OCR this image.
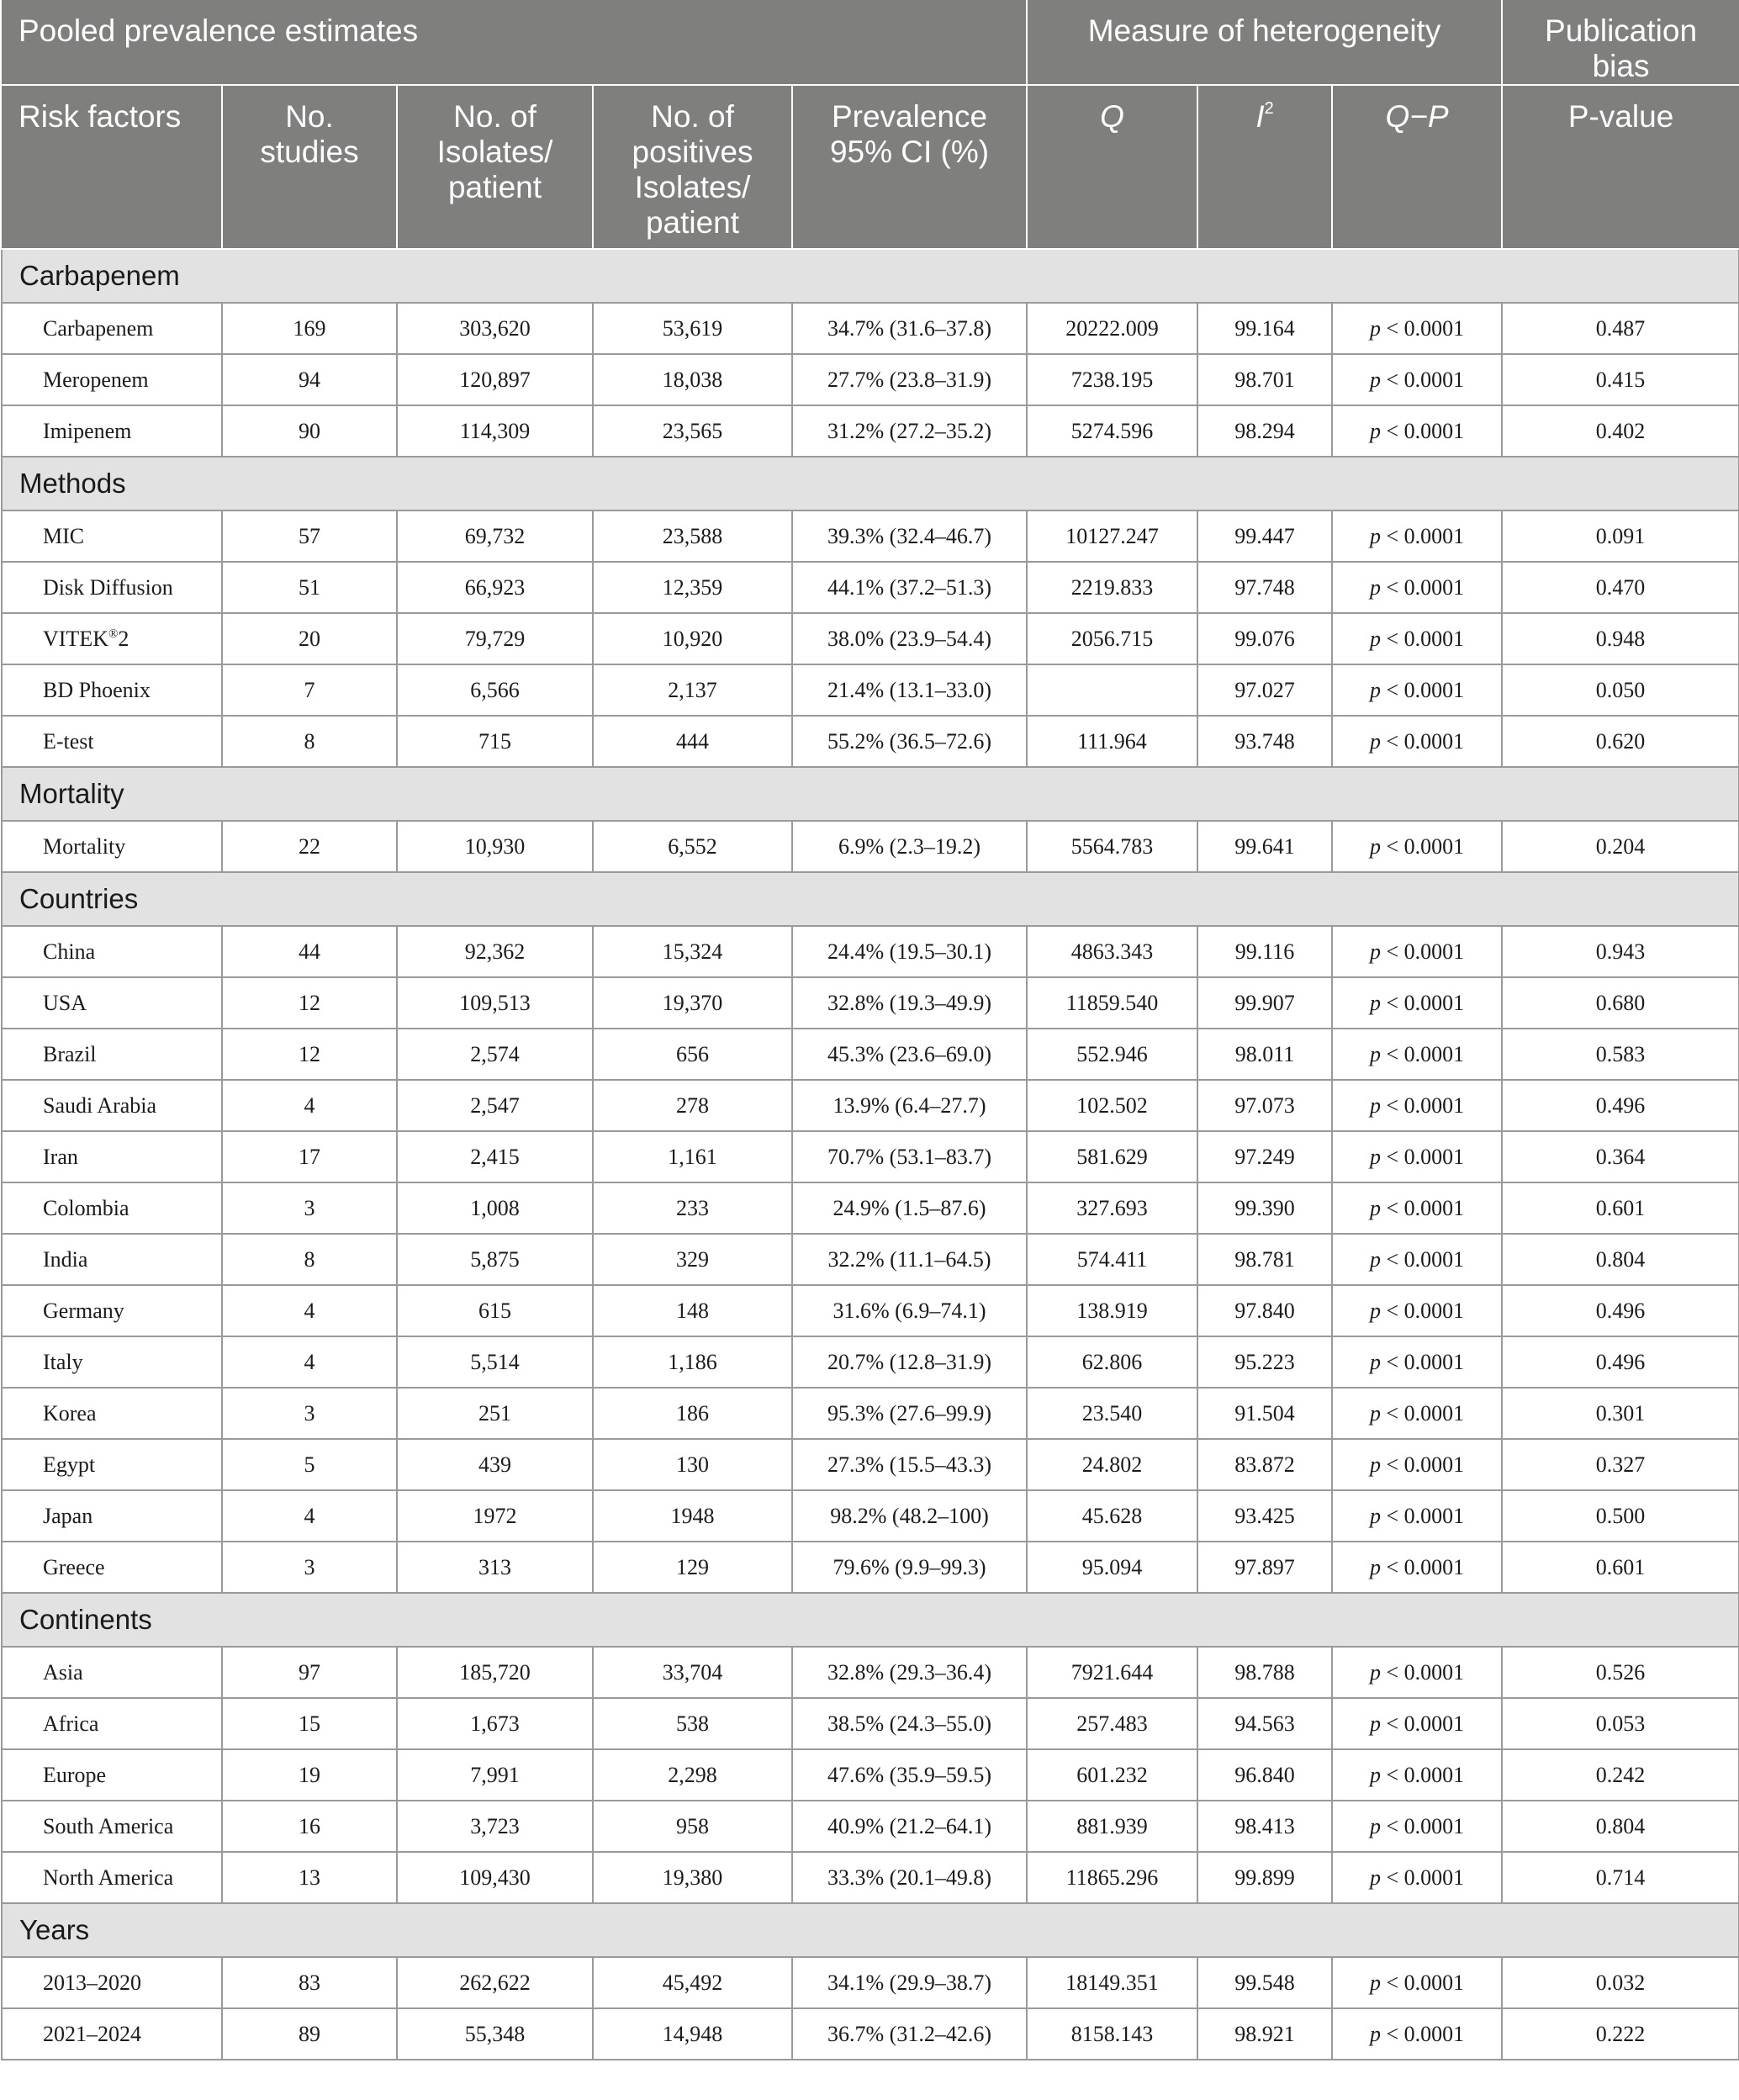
Pooled prevalence estimates					Measure of heterogeneity			Publication bias
Risk factors	No. studies	No. of Isolates/ patient	No. of positives Isolates/ patient	Prevalence 95% CI (%)	Q	$I^2$	Q−P	P-value
Carbapenem								
Carbapenem	169	303,620	53,619	34.7% (31.6–37.8)	20222.009	99.164	p < 0.0001	0.487
Meropenem	94	120,897	18,038	27.7% (23.8–31.9)	7238.195	98.701	p < 0.0001	0.415
Imipenem	90	114,309	23,565	31.2% (27.2–35.2)	5274.596	98.294	p < 0.0001	0.402
Methods								
MIC	57	69,732	23,588	39.3% (32.4–46.7)	10127.247	99.447	p < 0.0001	0.091
Disk Diffusion	51	66,923	12,359	44.1% (37.2–51.3)	2219.833	97.748	p < 0.0001	0.470
VITEK®2	20	79,729	10,920	38.0% (23.9–54.4)	2056.715	99.076	p < 0.0001	0.948
BD Phoenix	7	6,566	2,137	21.4% (13.1–33.0)		97.027	p < 0.0001	0.050
E-test	8	715	444	55.2% (36.5–72.6)	111.964	93.748	p < 0.0001	0.620
Mortality								
Mortality	22	10,930	6,552	6.9% (2.3–19.2)	5564.783	99.641	p < 0.0001	0.204
Countries								
China	44	92,362	15,324	24.4% (19.5–30.1)	4863.343	99.116	p < 0.0001	0.943
USA	12	109,513	19,370	32.8% (19.3–49.9)	11859.540	99.907	p < 0.0001	0.680
Brazil	12	2,574	656	45.3% (23.6–69.0)	552.946	98.011	p < 0.0001	0.583
Saudi Arabia	4	2,547	278	13.9% (6.4–27.7)	102.502	97.073	p < 0.0001	0.496
Iran	17	2,415	1,161	70.7% (53.1–83.7)	581.629	97.249	p < 0.0001	0.364
Colombia	3	1,008	233	24.9% (1.5–87.6)	327.693	99.390	p < 0.0001	0.601
India	8	5,875	329	32.2% (11.1–64.5)	574.411	98.781	p < 0.0001	0.804
Germany	4	615	148	31.6% (6.9–74.1)	138.919	97.840	p < 0.0001	0.496
Italy	4	5,514	1,186	20.7% (12.8–31.9)	62.806	95.223	p < 0.0001	0.496
Korea	3	251	186	95.3% (27.6–99.9)	23.540	91.504	p < 0.0001	0.301
Egypt	5	439	130	27.3% (15.5–43.3)	24.802	83.872	p < 0.0001	0.327
Japan	4	1972	1948	98.2% (48.2–100)	45.628	93.425	p < 0.0001	0.500
Greece	3	313	129	79.6% (9.9–99.3)	95.094	97.897	p < 0.0001	0.601
Continents								
Asia	97	185,720	33,704	32.8% (29.3–36.4)	7921.644	98.788	p < 0.0001	0.526
Africa	15	1,673	538	38.5% (24.3–55.0)	257.483	94.563	p < 0.0001	0.053
Europe	19	7,991	2,298	47.6% (35.9–59.5)	601.232	96.840	p < 0.0001	0.242
South America	16	3,723	958	40.9% (21.2–64.1)	881.939	98.413	p < 0.0001	0.804
North America	13	109,430	19,380	33.3% (20.1–49.8)	11865.296	99.899	p < 0.0001	0.714
Years								
2013–2020	83	262,622	45,492	34.1% (29.9–38.7)	18149.351	99.548	p < 0.0001	0.032
2021–2024	89	55,348	14,948	36.7% (31.2–42.6)	8158.143	98.921	p < 0.0001	0.222
